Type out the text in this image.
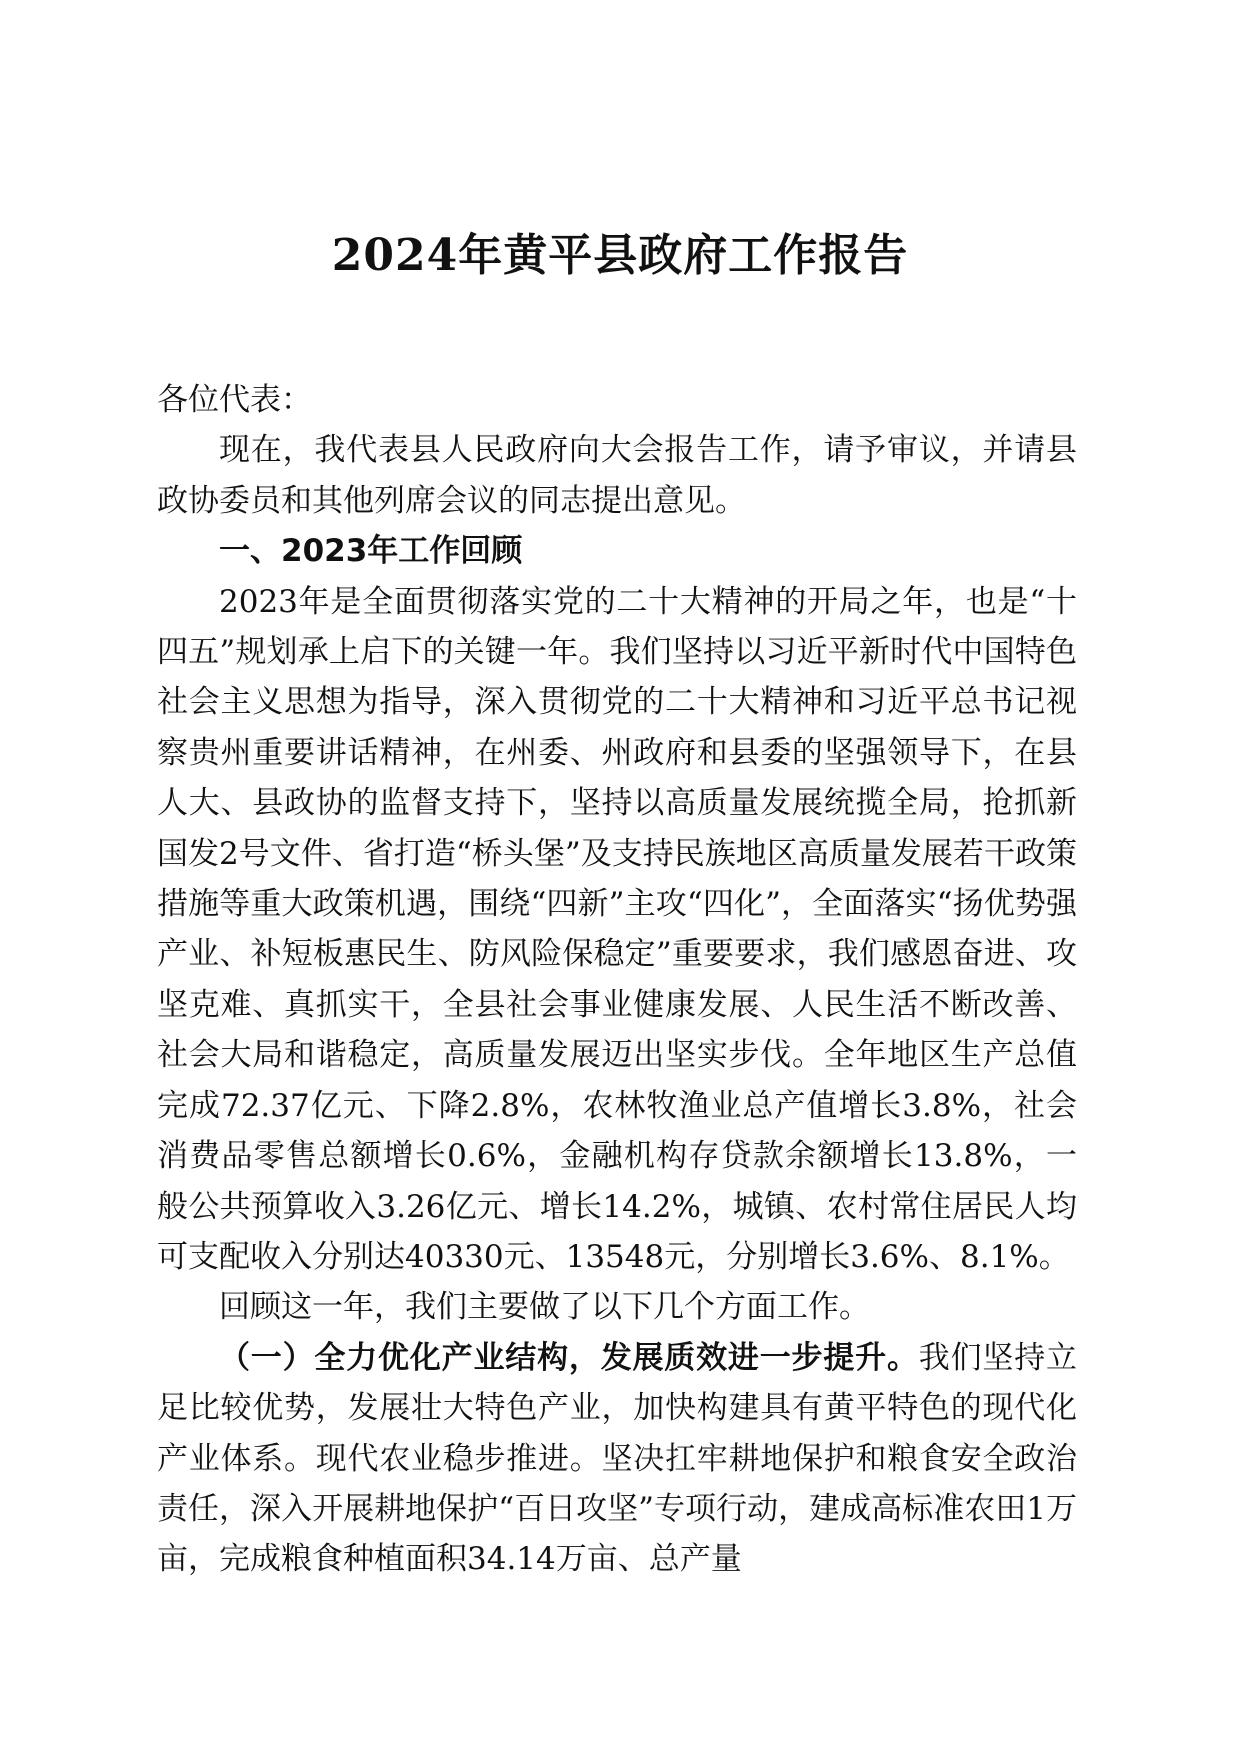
2024年黄平县政府工作报告

各位代表：

现在，我代表县人民政府向大会报告工作，请予审议，并请县政协委员和其他列席会议的同志提出意见。

一、2023年工作回顾

2023年是全面贯彻落实党的二十大精神的开局之年，也是“十四五”规划承上启下的关键一年。我们坚持以习近平新时代中国特色社会主义思想为指导，深入贯彻党的二十大精神和习近平总书记视察贵州重要讲话精神，在州委、州政府和县委的坚强领导下，在县人大、县政协的监督支持下，坚持以高质量发展统揽全局，抢抓新国发2号文件、省打造“桥头堡”及支持民族地区高质量发展若干政策措施等重大政策机遇，围绕“四新”主攻“四化”，全面落实“扬优势强产业、补短板惠民生、防风险保稳定”重要要求，我们感恩奋进、攻坚克难、真抓实干，全县社会事业健康发展、人民生活不断改善、社会大局和谐稳定，高质量发展迈出坚实步伐。全年地区生产总值完成72.37亿元、下降2.8%，农林牧渔业总产值增长3.8%，社会消费品零售总额增长0.6%，金融机构存贷款余额增长13.8%，一般公共预算收入3.26亿元、增长14.2%，城镇、农村常住居民人均可支配收入分别达40330元、13548元，分别增长3.6%、8.1%。

回顾这一年，我们主要做了以下几个方面工作。

（一）全力优化产业结构，发展质效进一步提升。我们坚持立足比较优势，发展壮大特色产业，加快构建具有黄平特色的现代化产业体系。现代农业稳步推进。坚决扛牢耕地保护和粮食安全政治责任，深入开展耕地保护“百日攻坚”专项行动，建成高标准农田1万亩，完成粮食种植面积34.14万亩、总产量
